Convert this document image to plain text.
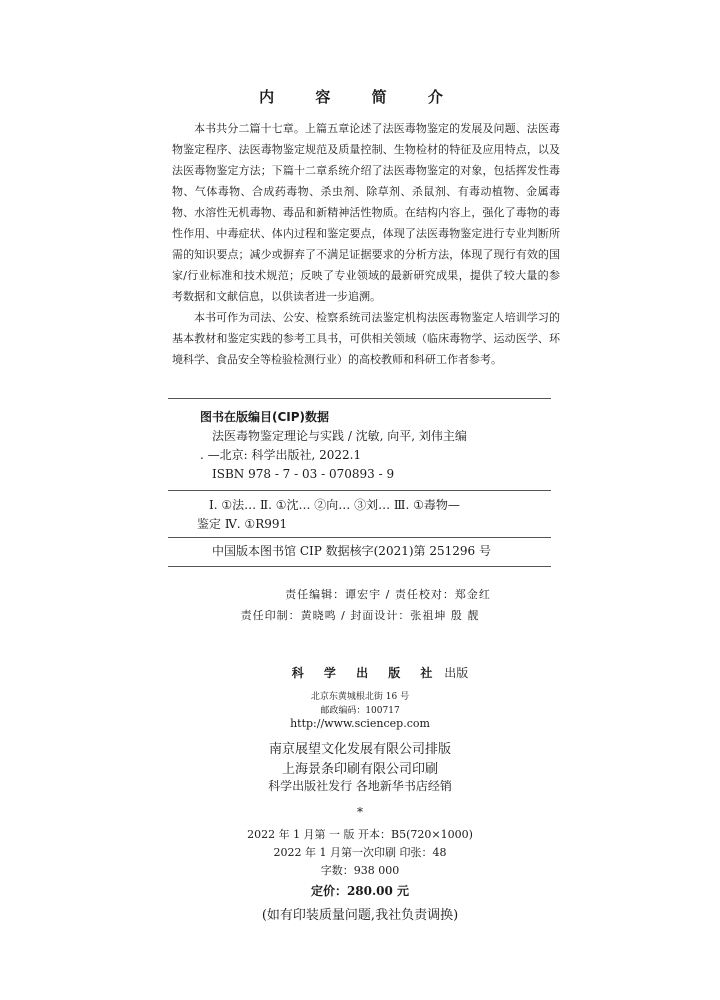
内 容 简 介

本书共分二篇十七章。上篇五章论述了法医毒物鉴定的发展及问题、法医毒物鉴定程序、法医毒物鉴定规范及质量控制、生物检材的特征及应用特点，以及法医毒物鉴定方法；下篇十二章系统介绍了法医毒物鉴定的对象，包括挥发性毒物、气体毒物、合成药毒物、杀虫剂、除草剂、杀鼠剂、有毒动植物、金属毒物、水溶性无机毒物、毒品和新精神活性物质。在结构内容上，强化了毒物的毒性作用、中毒症状、体内过程和鉴定要点，体现了法医毒物鉴定进行专业判断所需的知识要点；减少或摒弃了不满足证据要求的分析方法，体现了现行有效的国家/行业标准和技术规范；反映了专业领域的最新研究成果，提供了较大量的参考数据和文献信息，以供读者进一步追溯。

本书可作为司法、公安、检察系统司法鉴定机构法医毒物鉴定人培训学习的基本教材和鉴定实践的参考工具书，可供相关领域（临床毒物学、运动医学、环境科学、食品安全等检验检测行业）的高校教师和科研工作者参考。

图书在版编目(CIP)数据
法医毒物鉴定理论与实践 / 沈敏, 向平, 刘伟主编
. —北京: 科学出版社, 2022.1
ISBN 978 - 7 - 03 - 070893 - 9
Ⅰ. ①法… Ⅱ. ①沈… ②向… ③刘… Ⅲ. ①毒物—
鉴定 Ⅳ. ①R991
中国版本图书馆 CIP 数据核字(2021)第 251296 号
责任编辑：谭宏宇 / 责任校对：郑金红
责任印制：黄晓鸣 / 封面设计：张祖坤 殷 靓
科 学 出 版 社 出版
北京东黄城根北街 16 号
邮政编码：100717
http://www.sciencep.com
南京展望文化发展有限公司排版
上海景条印刷有限公司印刷
科学出版社发行 各地新华书店经销
*
2022 年 1 月第 一 版 开本：B5(720×1000)
2022 年 1 月第一次印刷 印张：48
字数：938 000
定价：280.00 元
(如有印装质量问题,我社负责调换)
